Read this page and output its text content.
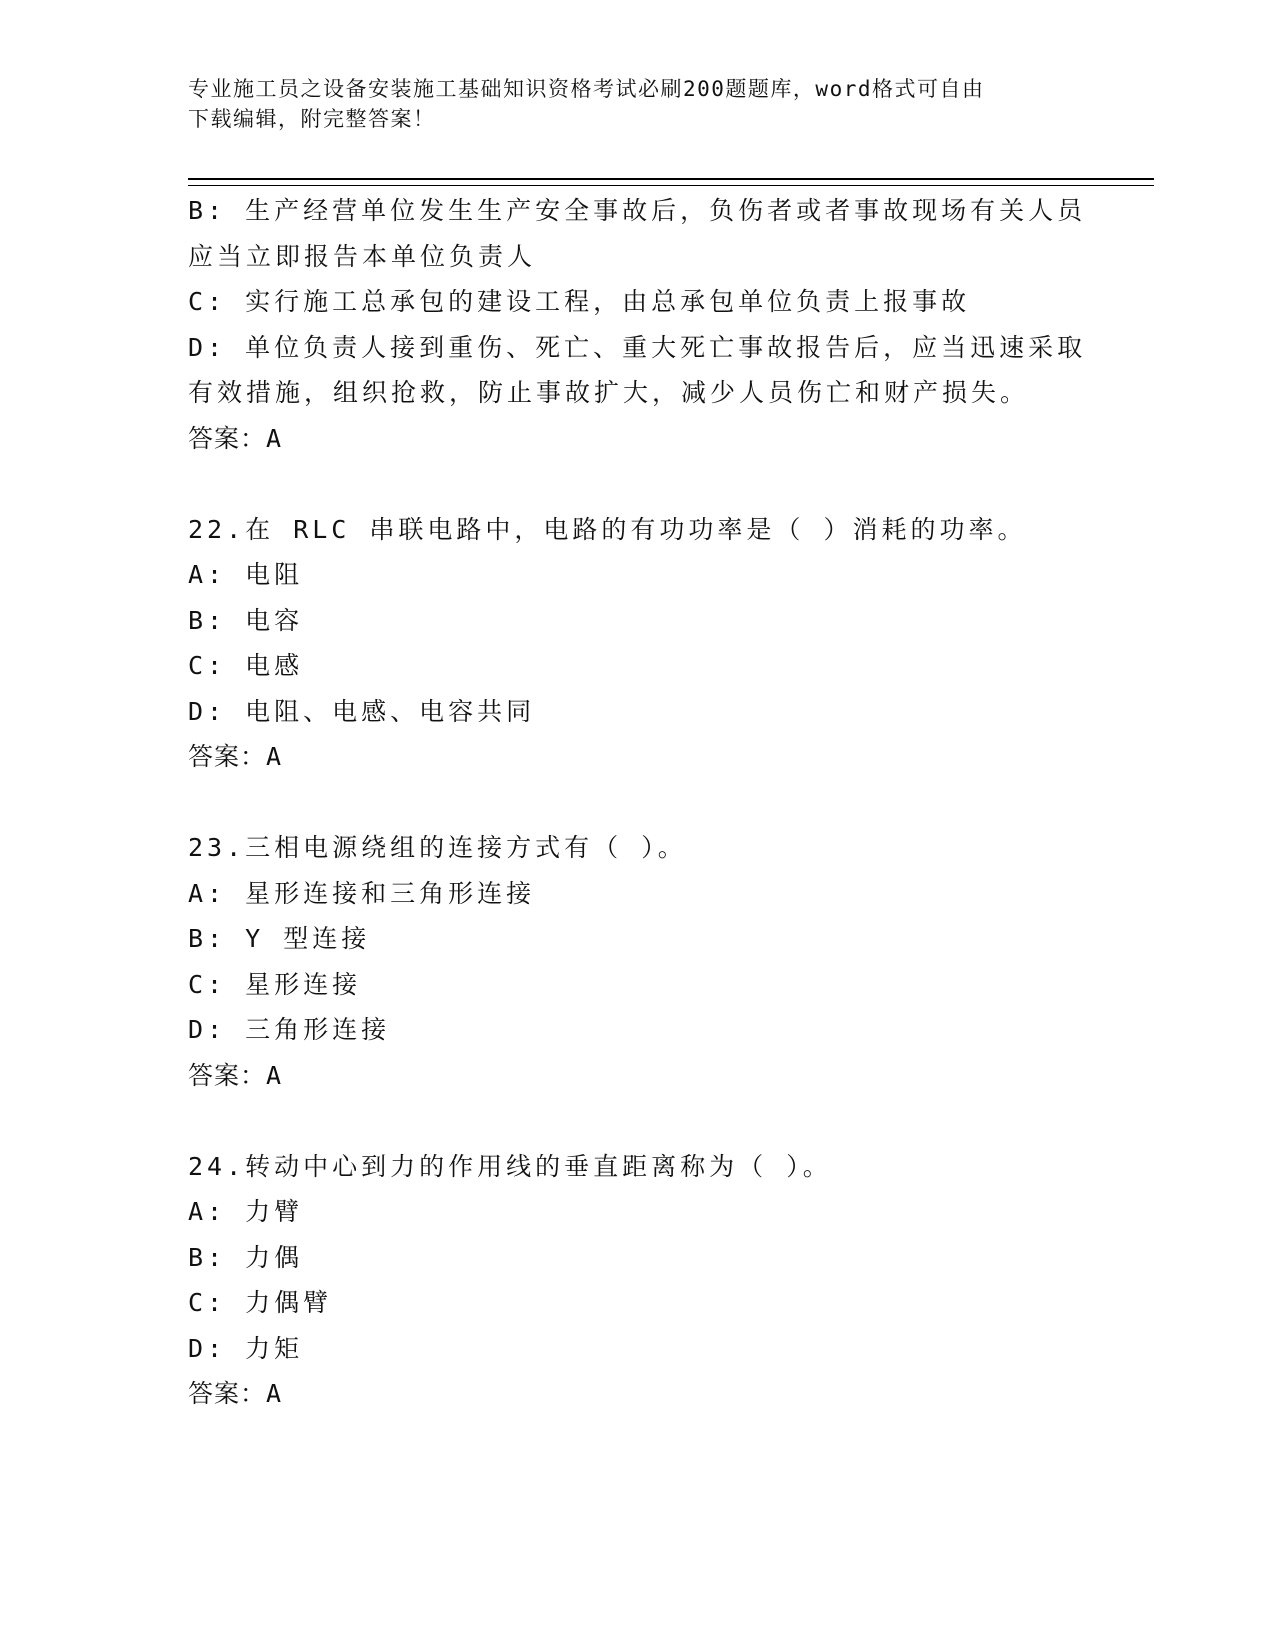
专业施工员之设备安装施工基础知识资格考试必刷200题题库，word格式可自由
下载编辑，附完整答案！
B: 生产经营单位发生生产安全事故后，负伤者或者事故现场有关人员
应当立即报告本单位负责人
C: 实行施工总承包的建设工程，由总承包单位负责上报事故
D: 单位负责人接到重伤、死亡、重大死亡事故报告后，应当迅速采取
有效措施，组织抢救，防止事故扩大，减少人员伤亡和财产损失。
答案：A
22.在 RLC 串联电路中，电路的有功功率是（ ）消耗的功率。
A: 电阻
B: 电容
C: 电感
D: 电阻、电感、电容共同
答案：A
23.三相电源绕组的连接方式有（ ）。
A: 星形连接和三角形连接
B: Y 型连接
C: 星形连接
D: 三角形连接
答案：A
24.转动中心到力的作用线的垂直距离称为（ ）。
A: 力臂
B: 力偶
C: 力偶臂
D: 力矩
答案：A
